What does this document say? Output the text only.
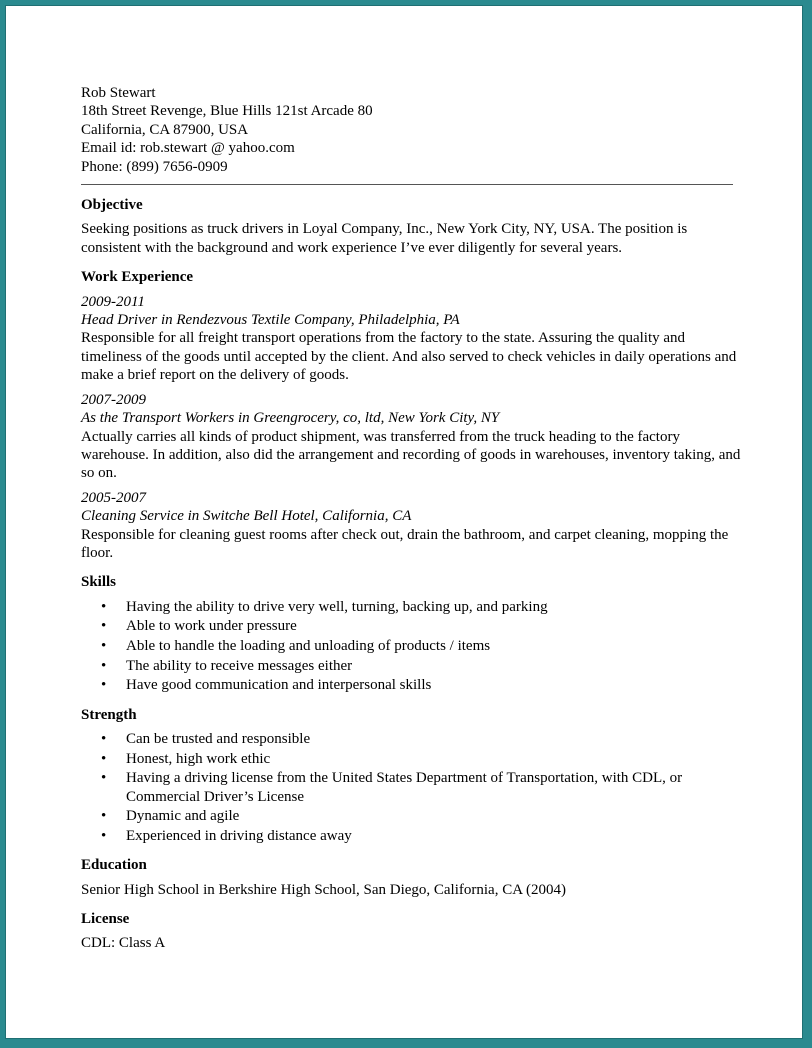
Rob Stewart
18th Street Revenge, Blue Hills 121st Arcade 80
California, CA 87900, USA
Email id: rob.stewart @ yahoo.com
Phone: (899) 7656-0909
Objective

Seeking positions as truck drivers in Loyal Company, Inc., New York City, NY, USA. The position is consistent with the background and work experience I’ve ever diligently for several years.

Work Experience
2009-2011
Head Driver in Rendezvous Textile Company, Philadelphia, PA

Responsible for all freight transport operations from the factory to the state. Assuring the quality and timeliness of the goods until accepted by the client. And also served to check vehicles in daily operations and make a brief report on the delivery of goods.

2007-2009
As the Transport Workers in Greengrocery, co, ltd, New York City, NY

Actually carries all kinds of product shipment, was transferred from the truck heading to the factory warehouse. In addition, also did the arrangement and recording of goods in warehouses, inventory taking, and so on.

2005-2007
Cleaning Service in Switche Bell Hotel, California, CA

Responsible for cleaning guest rooms after check out, drain the bathroom, and carpet cleaning, mopping the floor.

Skills
• Having the ability to drive very well, turning, backing up, and parking
• Able to work under pressure
• Able to handle the loading and unloading of products / items
• The ability to receive messages either
• Have good communication and interpersonal skills
Strength
• Can be trusted and responsible
• Honest, high work ethic
• Having a driving license from the United States Department of Transportation, with CDL, or Commercial Driver’s License
• Dynamic and agile
• Experienced in driving distance away
Education

Senior High School in Berkshire High School, San Diego, California, CA (2004)

License

CDL: Class A
